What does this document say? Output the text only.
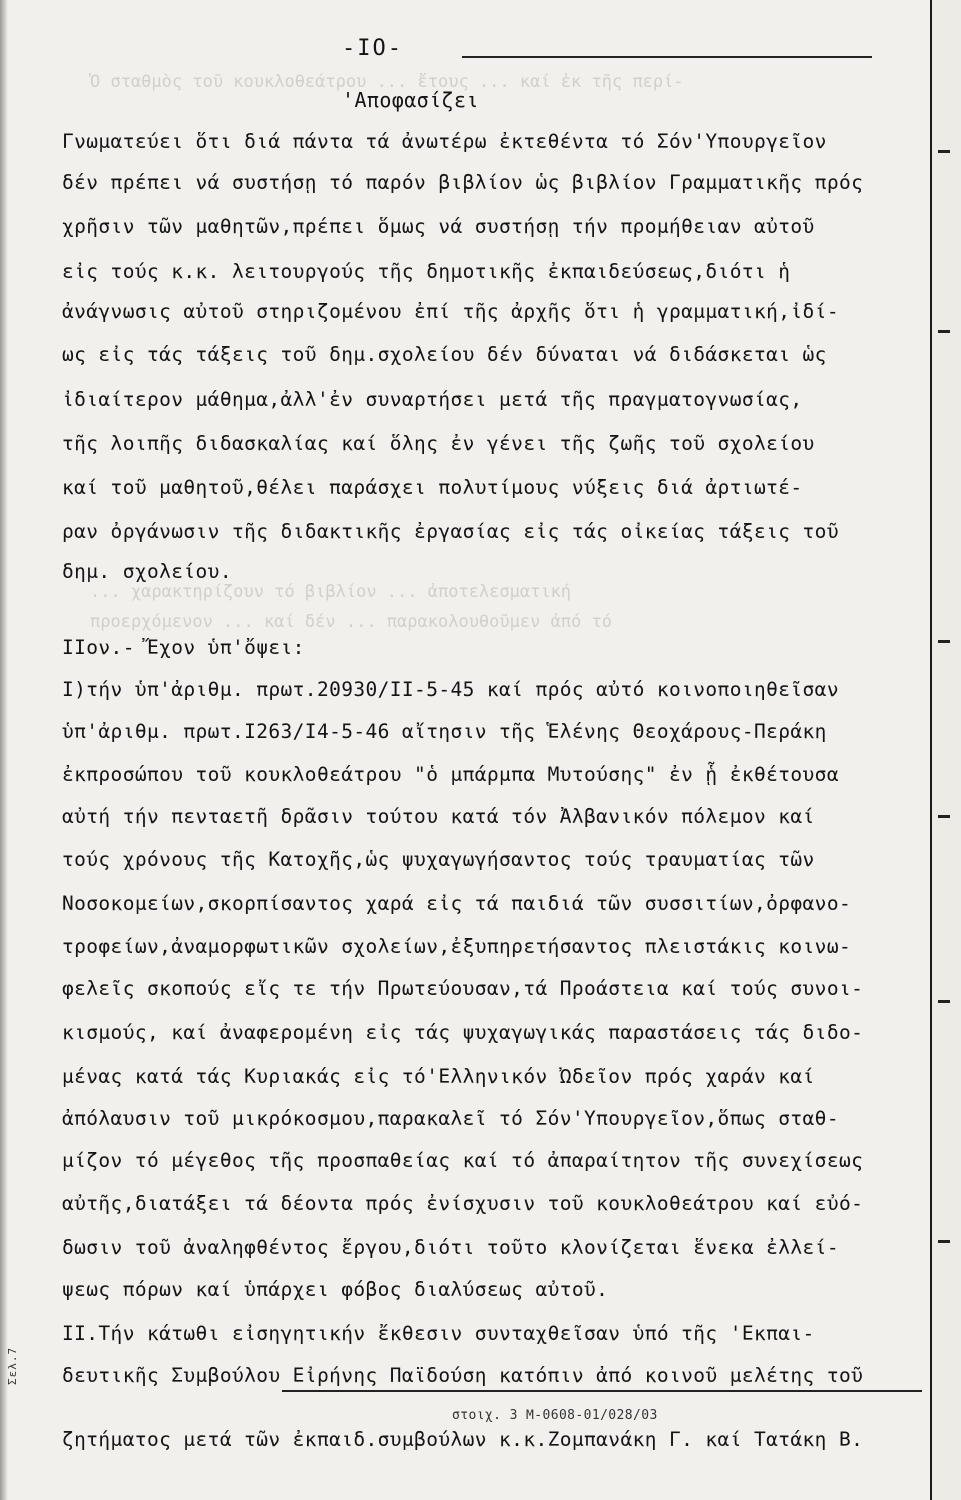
Σελ.7
Ὁ σταθμὸς τοῦ κουκλοθεάτρου ... ἔτους ... καί ἐκ τῆς περί-
... χαρακτηρίζουν τό βιβλίον ... ἀποτελεσματική
προερχόμενον ... καί δέν ... παρακολουθοῦμεν ἀπό τό
-IO-
'Αποφασίζει
Γνωματεύει ὅτι διά πάντα τά ἀνωτέρω ἐκτεθέντα τό Σόν'Υπουργεῖον
δέν πρέπει νά συστήσῃ τό παρόν βιβλίον ὡς βιβλίον Γραμματικῆς πρός
χρῆσιν τῶν μαθητῶν,πρέπει ὅμως νά συστήσῃ τήν προμήθειαν αὐτοῦ
εἰς τούς κ.κ. λειτουργούς τῆς δημοτικῆς ἐκπαιδεύσεως,διότι ἡ
ἀνάγνωσις αὐτοῦ στηριζομένου ἐπί τῆς ἀρχῆς ὅτι ἡ γραμματική,ἰδί-
ως εἰς τάς τάξεις τοῦ δημ.σχολείου δέν δύναται νά διδάσκεται ὡς
ἰδιαίτερον μάθημα,ἀλλ'ἐν συναρτήσει μετά τῆς πραγματογνωσίας,
τῆς λοιπῆς διδασκαλίας καί ὅλης ἐν γένει τῆς ζωῆς τοῦ σχολείου
καί τοῦ μαθητοῦ,θέλει παράσχει πολυτίμους νύξεις διά ἀρτιωτέ-
ραν ὀργάνωσιν τῆς διδακτικῆς ἐργασίας εἰς τάς οἰκείας τάξεις τοῦ
δημ. σχολείου.
IIον.- Ἔχον ὑπ'ὄψει:
I)τήν ὑπ'ἀριθμ. πρωτ.20930/II-5-45 καί πρός αὐτό κοινοποιηθεῖσαν
ὑπ'ἀριθμ. πρωτ.I263/I4-5-46 αἴτησιν τῆς Ἑλένης Θεοχάρους-Περάκη
ἐκπροσώπου τοῦ κουκλοθεάτρου "ὁ μπάρμπα Μυτούσης" ἐν ᾗ ἐκθέτουσα
αὐτή τήν πενταετῆ δρᾶσιν τούτου κατά τόν Ἀλβανικόν πόλεμον καί
τούς χρόνους τῆς Κατοχῆς,ὡς ψυχαγωγήσαντος τούς τραυματίας τῶν
Νοσοκομείων,σκορπίσαντος χαρά εἰς τά παιδιά τῶν συσσιτίων,ὀρφανο-
τροφείων,ἀναμορφωτικῶν σχολείων,ἐξυπηρετήσαντος πλειστάκις κοινω-
φελεῖς σκοπούς εἴς τε τήν Πρωτεύουσαν,τά Προάστεια καί τούς συνοι-
κισμούς, καί ἀναφερομένη εἰς τάς ψυχαγωγικάς παραστάσεις τάς διδο-
μένας κατά τάς Κυριακάς εἰς τό'Ελληνικόν Ὠδεῖον πρός χαράν καί
ἀπόλαυσιν τοῦ μικρόκοσμου,παρακαλεῖ τό Σόν'Υπουργεῖον,ὅπως σταθ-
μίζον τό μέγεθος τῆς προσπαθείας καί τό ἀπαραίτητον τῆς συνεχίσεως
αὐτῆς,διατάξει τά δέοντα πρός ἐνίσχυσιν τοῦ κουκλοθεάτρου καί εὐό-
δωσιν τοῦ ἀναληφθέντος ἔργου,διότι τοῦτο κλονίζεται ἕνεκα ἐλλεί-
ψεως πόρων καί ὑπάρχει φόβος διαλύσεως αὐτοῦ.
II.Τήν κάτωθι εἰσηγητικήν ἔκθεσιν συνταχθεῖσαν ὑπό τῆς 'Εκπαι-
δευτικῆς Συμβούλου Εἰρήνης Παϊδούση κατόπιν ἀπό κοινοῦ μελέτης τοῦ
στοιχ. 3 Μ-0608-01/028/03
ζητήματος μετά τῶν ἐκπαιδ.συμβούλων κ.κ.Ζομπανάκη Γ. καί Τατάκη Β.
